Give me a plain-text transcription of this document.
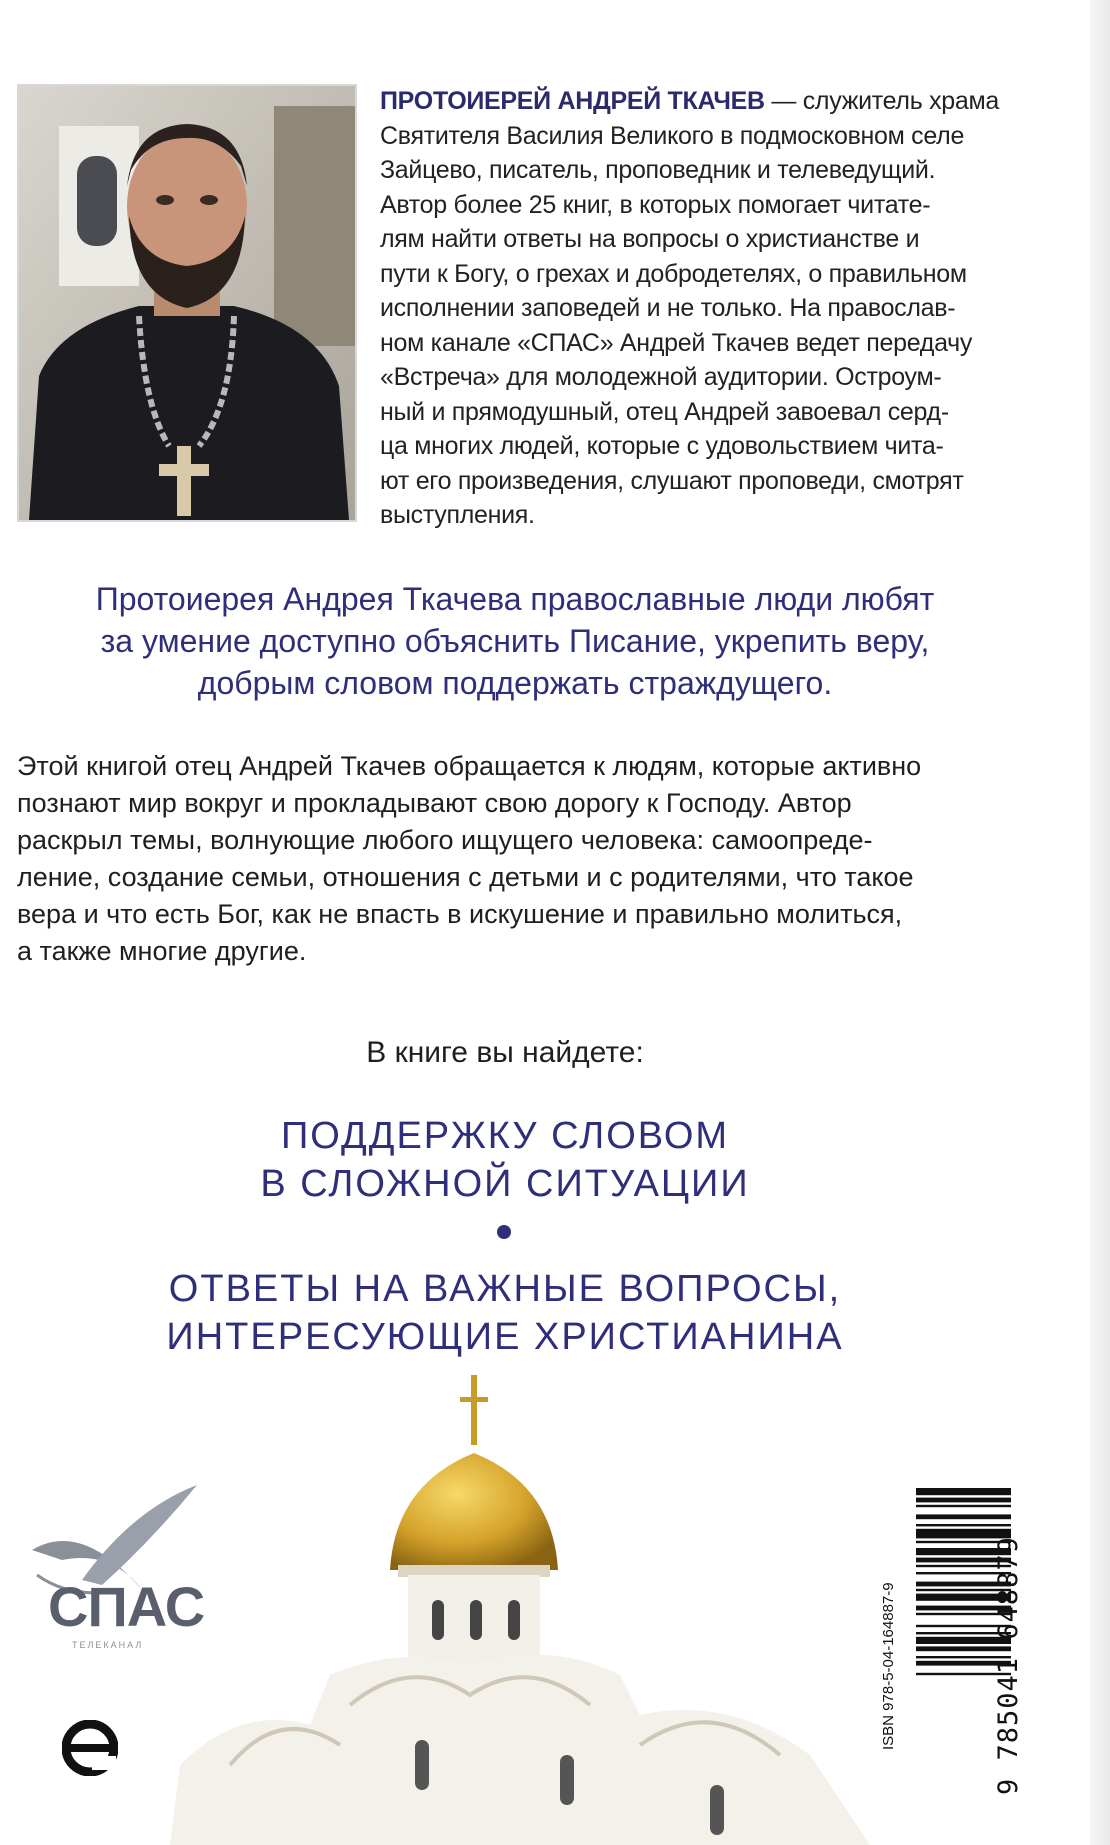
ПРОТОИЕРЕЙ АНДРЕЙ ТКАЧЕВ — служитель храма
Святителя Василия Великого в подмосковном селе
Зайцево, писатель, проповедник и телеведущий.
Автор более 25 книг, в которых помогает читате-
лям найти ответы на вопросы о христианстве и
пути к Богу, о грехах и добродетелях, о правильном
исполнении заповедей и не только. На православ-
ном канале «СПАС» Андрей Ткачев ведет передачу
«Встреча» для молодежной аудитории. Остроум-
ный и прямодушный, отец Андрей завоевал серд-
ца многих людей, которые с удовольствием чита-
ют его произведения, слушают проповеди, смотрят
выступления.
Протоиерея Андрея Ткачева православные люди любят
за умение доступно объяснить Писание, укрепить веру,
добрым словом поддержать страждущего.
Этой книгой отец Андрей Ткачев обращается к людям, которые активно
познают мир вокруг и прокладывают свою дорогу к Господу. Автор
раскрыл темы, волнующие любого ищущего человека: самоопреде-
ление, создание семьи, отношения с детьми и с родителями, что такое
вера и что есть Бог, как не впасть в искушение и правильно молиться,
а также многие другие.
В книге вы найдете:
ПОДДЕРЖКУ СЛОВОМ
В СЛОЖНОЙ СИТУАЦИИ
ОТВЕТЫ НА ВАЖНЫЕ ВОПРОСЫ,
ИНТЕРЕСУЮЩИЕ ХРИСТИАНИНА
СПАС
ТЕЛЕКАНАЛ	ISBN 978-5-04-164887-9	9 785041 648879
